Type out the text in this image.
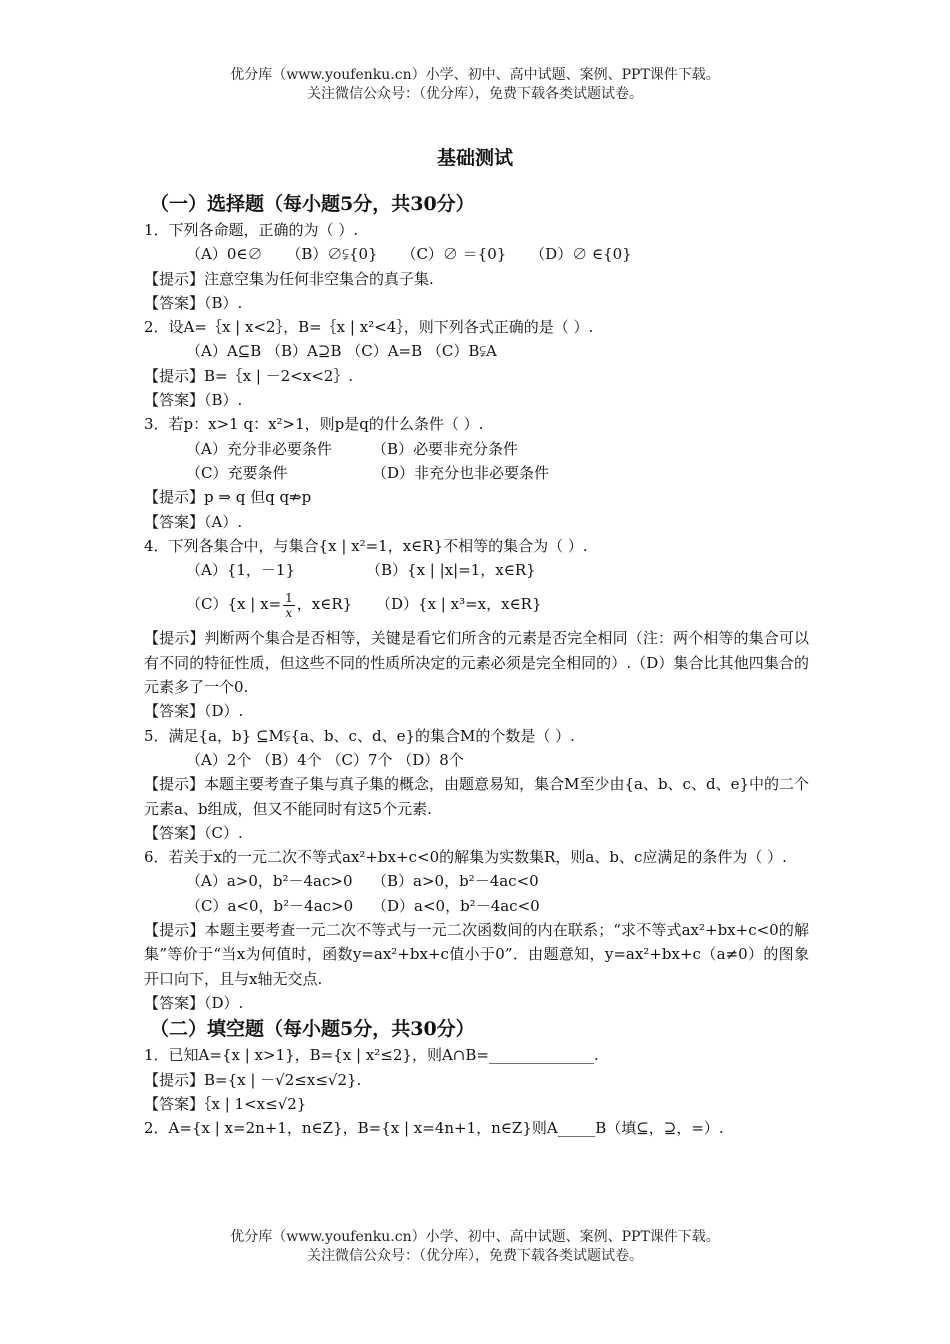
优分库（www.youfenku.cn）小学、初中、高中试题、案例、PPT课件下载。
关注微信公众号：（优分库），免费下载各类试题试卷。
基础测试
（一）选择题（每小题5分，共30分）
1．下列各命题，正确的为（ ）.
（A）0∈∅ （B）∅⫋{0} （C）∅ ＝{0} （D）∅ ∈{0}
【提示】注意空集为任何非空集合的真子集.
【答案】（B）.
2．设A=｛x | x<2｝，B=｛x | x²<4｝，则下列各式正确的是（ ）.
（A）A⊆B （B）A⊇B （C）A=B （C）B⫋A
【提示】B=｛x | －2<x<2｝.
【答案】（B）.
3．若p：x>1 q：x²>1，则p是q的什么条件（ ）.
（A）充分非必要条件	（B）必要非充分条件
（C）充要条件	（D）非充分也非必要条件
【提示】p ⇒ q 但q q⇏p
【答案】（A）.
4．下列各集合中，与集合{x | x²=1，x∈R}不相等的集合为（ ）.
（A）{1，－1}	（B）{x | |x|=1，x∈R}
（C）{x | $x= \frac{1}{x}$ ，x∈R} （D）{x | x³=x，x∈R}
【提示】判断两个集合是否相等，关键是看它们所含的元素是否完全相同（注：两个相等的集合可以有不同的特征性质，但这些不同的性质所决定的元素必须是完全相同的）.（D）集合比其他四集合的元素多了一个0.
【答案】（D）.
5．满足{a，b} ⊆M⫋{a、b、c、d、e}的集合M的个数是（ ）.
（A）2个 （B）4个 （C）7个 （D）8个
【提示】本题主要考查子集与真子集的概念，由题意易知，集合M至少由{a、b、c、d、e}中的二个元素a、b组成，但又不能同时有这5个元素.
【答案】（C）.
6．若关于x的一元二次不等式ax²+bx+c<0的解集为实数集R，则a、b、c应满足的条件为（ ）.
（A）a>0，b²－4ac>0 （B）a>0，b²－4ac<0
（C）a<0，b²－4ac>0 （D）a<0，b²－4ac<0
【提示】本题主要考查一元二次不等式与一元二次函数间的内在联系；“求不等式ax²+bx+c<0的解集”等价于“当x为何值时，函数y=ax²+bx+c值小于0”．由题意知，y=ax²+bx+c（a≠0）的图象开口向下，且与x轴无交点.
【答案】（D）.
（二）填空题（每小题5分，共30分）
1．已知A={x | x>1}，B={x | x²≤2}，则A∩B=______________.
【提示】B={x | －√2≤x≤√2}.
【答案】｛x | 1<x≤√2}
2．A={x | x=2n+1，n∈Z}，B={x | x=4n+1，n∈Z}则A_____B（填⊆，⊇，=）.
优分库（www.youfenku.cn）小学、初中、高中试题、案例、PPT课件下载。
关注微信公众号：（优分库），免费下载各类试题试卷。
